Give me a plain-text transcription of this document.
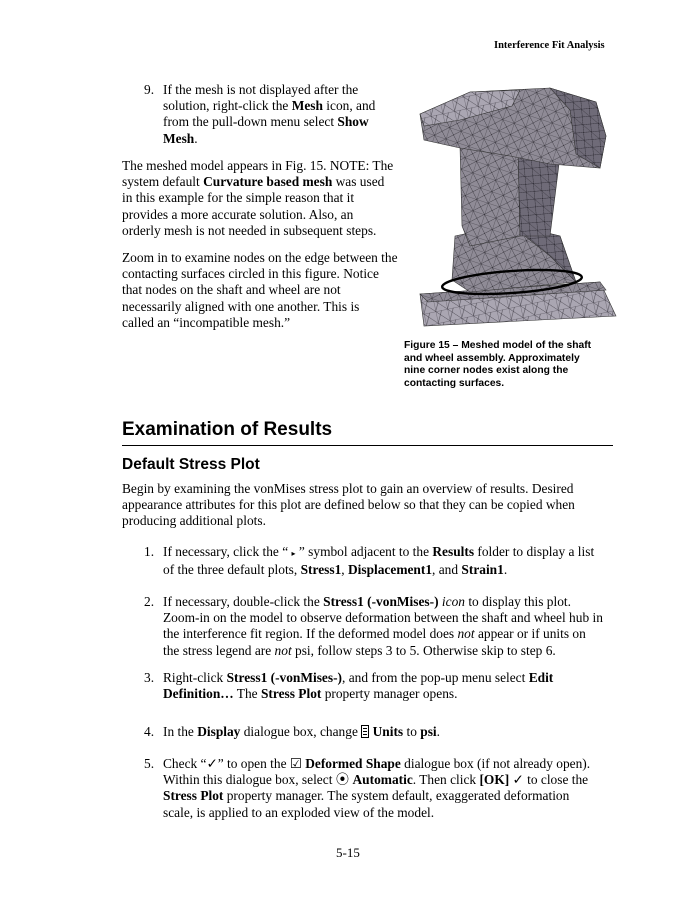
Interference Fit Analysis
9. If the mesh is not displayed after the
solution, right-click the Mesh icon, and
from the pull-down menu select Show
Mesh.
The meshed model appears in Fig. 15. NOTE: The
system default Curvature based mesh was used
in this example for the simple reason that it
provides a more accurate solution. Also, an
orderly mesh is not needed in subsequent steps.
Zoom in to examine nodes on the edge between the
contacting surfaces circled in this figure. Notice
that nodes on the shaft and wheel are not
necessarily aligned with one another. This is
called an “incompatible mesh.”
Figure 15 – Meshed model of the shaft
and wheel assembly. Approximately
nine corner nodes exist along the
contacting surfaces.
Examination of Results
Default Stress Plot
Begin by examining the vonMises stress plot to gain an overview of results. Desired
appearance attributes for this plot are defined below so that they can be copied when
producing additional plots.
1. If necessary, click the “ ▸ ” symbol adjacent to the Results folder to display a list
of the three default plots, Stress1, Displacement1, and Strain1.
2. If necessary, double-click the Stress1 (-vonMises-) icon to display this plot.
Zoom-in on the model to observe deformation between the shaft and wheel hub in
the interference fit region. If the deformed model does not appear or if units on
the stress legend are not psi, follow steps 3 to 5. Otherwise skip to step 6.
3. Right-click Stress1 (-vonMises-), and from the pop-up menu select Edit
Definition… The Stress Plot property manager opens.
4. In the Display dialogue box, change  Units to psi.
5. Check “✓” to open the ☑ Deformed Shape dialogue box (if not already open).
Within this dialogue box, select ⦿ Automatic. Then click [OK] ✓ to close the
Stress Plot property manager. The system default, exaggerated deformation
scale, is applied to an exploded view of the model.
5-15
